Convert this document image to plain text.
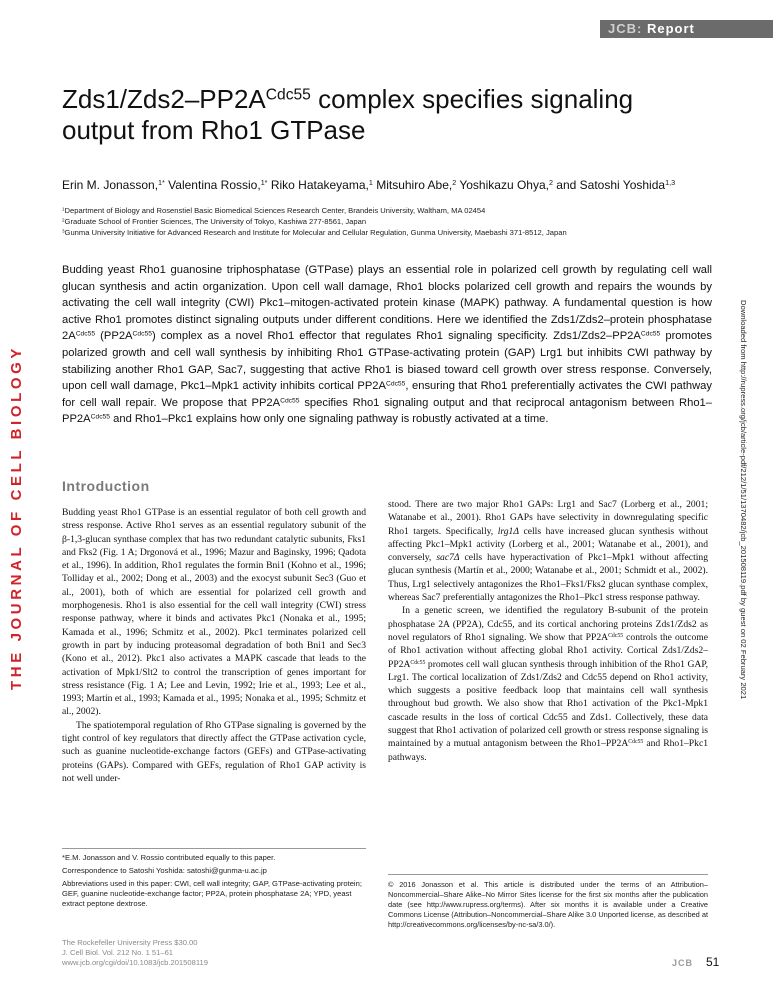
JCB: Report
THE JOURNAL OF CELL BIOLOGY	Downloaded from http://rupress.org/jcb/article-pdf/212/1/51/1370482/jcb_201508119.pdf by guest on 02 February 2021
$Zds1/Zds2-PP2A^{Cdc55}$ complex specifies signaling output from Rho1 GTPase
Erin M. Jonasson,$^{1*}$ Valentina Rossio,$^{1*}$ Riko Hatakeyama,$^1$ Mitsuhiro Abe,$^2$ Yoshikazu Ohya,$^2$ and Satoshi Yoshida$^{1,3}$
$^1$Department of Biology and Rosenstiel Basic Biomedical Sciences Research Center, Brandeis University, Waltham, MA 02454
$^2$Graduate School of Frontier Sciences, The University of Tokyo, Kashiwa 277-8561, Japan
$^3$Gunma University Initiative for Advanced Research and Institute for Molecular and Cellular Regulation, Gunma University, Maebashi 371-8512, Japan
Budding yeast Rho1 guanosine triphosphatase (GTPase) plays an essential role in polarized cell growth by regulating cell wall glucan synthesis and actin organization. Upon cell wall damage, Rho1 blocks polarized cell growth and repairs the wounds by activating the cell wall integrity (CWI) Pkc1–mitogen-activated protein kinase (MAPK) pathway. A fundamental question is how active Rho1 promotes distinct signaling outputs under different conditions. Here we identified the Zds1/Zds2–protein phosphatase $2A^{Cdc55}$ $(PP2A^{Cdc55})$ complex as a novel Rho1 effector that regulates Rho1 signaling specificity. $Zds1/Zds2-PP2A^{Cdc55}$ promotes polarized growth and cell wall synthesis by inhibiting Rho1 GTPase-activating protein (GAP) Lrg1 but inhibits CWI pathway by stabilizing another Rho1 GAP, Sac7, suggesting that active Rho1 is biased toward cell growth over stress response. Conversely, upon cell wall damage, Pkc1–Mpk1 activity inhibits cortical $PP2A^{Cdc55}$, ensuring that Rho1 preferentially activates the CWI pathway for cell wall repair. We propose that $PP2A^{Cdc55}$ specifies Rho1 signaling output and that reciprocal antagonism between $Rho1-PP2A^{Cdc55}$ and Rho1–Pkc1 explains how only one signaling pathway is robustly activated at a time.
Introduction

Budding yeast Rho1 GTPase is an essential regulator of both cell growth and stress response. Active Rho1 serves as an essential regulatory subunit of the β-1,3-glucan synthase complex that has two redundant catalytic subunits, Fks1 and Fks2 (Fig. 1 A; Drgonová et al., 1996; Mazur and Baginsky, 1996; Qadota et al., 1996). In addition, Rho1 regulates the formin Bni1 (Kohno et al., 1996; Tolliday et al., 2002; Dong et al., 2003) and the exocyst subunit Sec3 (Guo et al., 2001), both of which are essential for polarized cell growth and morphogenesis. Rho1 is also essential for the cell wall integrity (CWI) stress response pathway, where it binds and activates Pkc1 (Nonaka et al., 1995; Kamada et al., 1996; Schmitz et al., 2002). Pkc1 terminates polarized cell growth in part by inducing proteasomal degradation of both Bni1 and Sec3 (Kono et al., 2012). Pkc1 also activates a MAPK cascade that leads to the activation of Mpk1/Slt2 to control the transcription of genes important for stress resistance (Fig. 1 A; Lee and Levin, 1992; Irie et al., 1993; Lee et al., 1993; Martín et al., 1993; Kamada et al., 1995; Nonaka et al., 1995; Schmitz et al., 2002).

The spatiotemporal regulation of Rho GTPase signaling is governed by the tight control of key regulators that directly affect the GTPase activation cycle, such as guanine nucleotide-exchange factors (GEFs) and GTPase-activating proteins (GAPs). Compared with GEFs, regulation of Rho1 GAP activity is not well under-

stood. There are two major Rho1 GAPs: Lrg1 and Sac7 (Lorberg et al., 2001; Watanabe et al., 2001). Rho1 GAPs have selectivity in downregulating specific Rho1 targets. Specifically, lrg1Δ cells have increased glucan synthesis without affecting Pkc1–Mpk1 activity (Lorberg et al., 2001; Watanabe et al., 2001), and conversely, sac7Δ cells have hyperactivation of Pkc1–Mpk1 without affecting glucan synthesis (Martín et al., 2000; Watanabe et al., 2001; Schmidt et al., 2002). Thus, Lrg1 selectively antagonizes the Rho1–Fks1/Fks2 glucan synthase complex, whereas Sac7 preferentially antagonizes the Rho1–Pkc1 stress response pathway.

In a genetic screen, we identified the regulatory B-subunit of the protein phosphatase 2A (PP2A), Cdc55, and its cortical anchoring proteins Zds1/Zds2 as novel regulators of Rho1 signaling. We show that $PP2A^{Cdc55}$ controls the outcome of Rho1 activation without affecting global Rho1 activity. Cortical $Zds1/Zds2-PP2A^{Cdc55}$ promotes cell wall glucan synthesis through inhibition of the Rho1 GAP, Lrg1. The cortical localization of Zds1/Zds2 and Cdc55 depend on Rho1 activity, which suggests a positive feedback loop that maintains cell wall synthesis throughout bud growth. We also show that Rho1 activation of the Pkc1-Mpk1 cascade results in the loss of cortical Cdc55 and Zds1. Collectively, these data suggest that Rho1 activation of polarized cell growth or stress response signaling is maintained by a mutual antagonism between the $Rho1-PP2A^{Cdc55}$ and Rho1–Pkc1 pathways.

*E.M. Jonasson and V. Rossio contributed equally to this paper.

Correspondence to Satoshi Yoshida: satoshi@gunma-u.ac.jp

Abbreviations used in this paper: CWI, cell wall integrity; GAP, GTPase-activating protein; GEF, guanine nucleotide-exchange factor; PP2A, protein phosphatase 2A; YPD, yeast extract peptone dextrose.

© 2016 Jonasson et al. This article is distributed under the terms of an Attribution–Noncommercial–Share Alike–No Mirror Sites license for the first six months after the publication date (see http://www.rupress.org/terms). After six months it is available under a Creative Commons License (Attribution–Noncommercial–Share Alike 3.0 Unported license, as described at http://creativecommons.org/licenses/by-nc-sa/3.0/).
The Rockefeller University Press $30.00
J. Cell Biol. Vol. 212 No. 1 51–61
www.jcb.org/cgi/doi/10.1083/jcb.201508119	JCB 51
